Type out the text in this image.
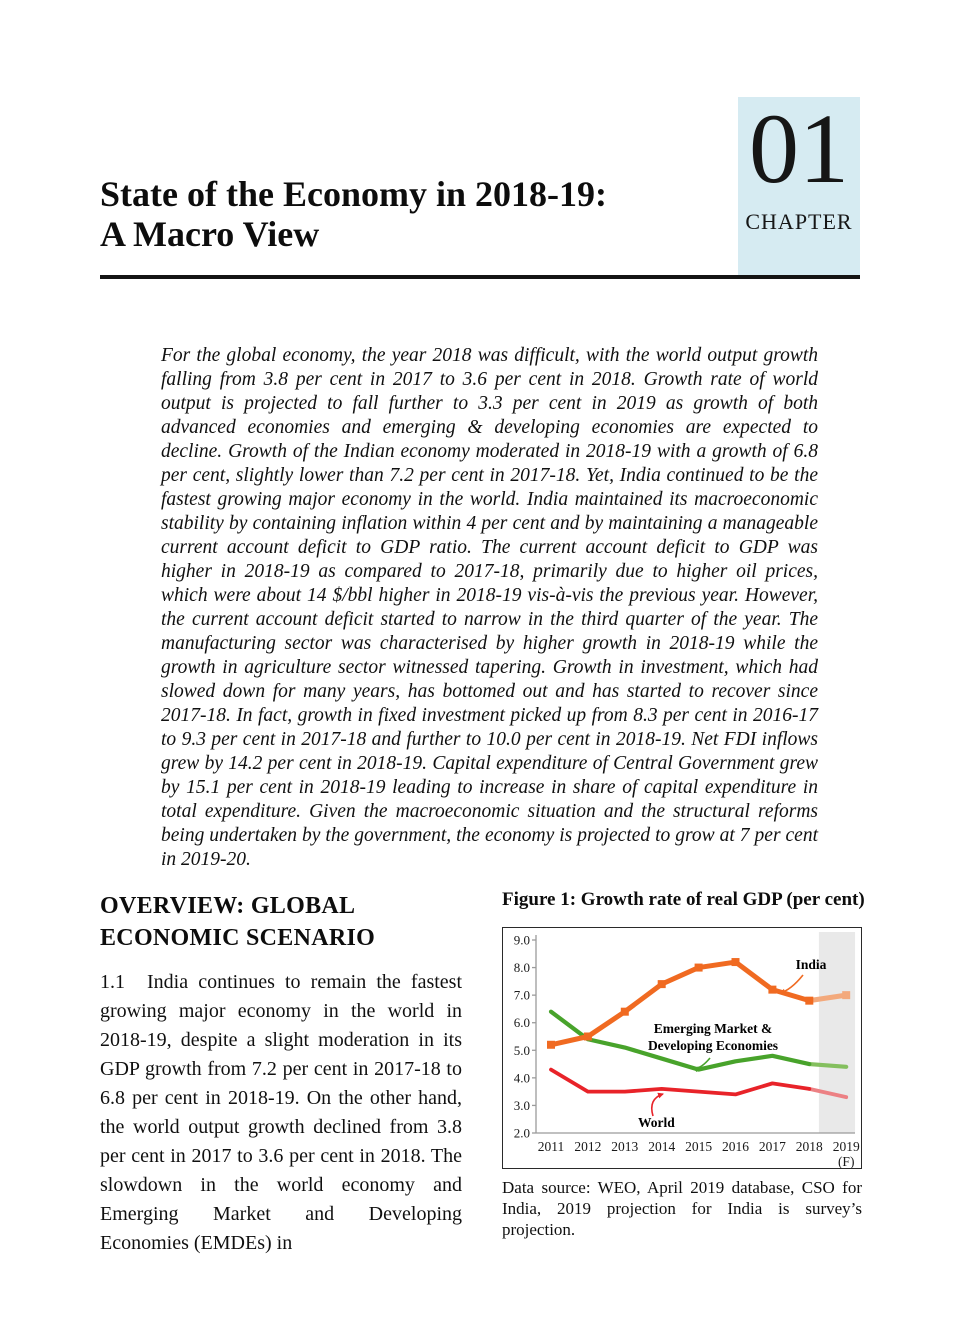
01
CHAPTER
State of the Economy in 2018-19:
A Macro View
For the global economy, the year 2018 was difficult, with the world output growth falling from 3.8 per cent in 2017 to 3.6 per cent in 2018. Growth rate of world output is projected to fall further to 3.3 per cent in 2019 as growth of both advanced economies and emerging & developing economies are expected to decline. Growth of the Indian economy moderated in 2018-19 with a growth of 6.8 per cent, slightly lower than 7.2 per cent in 2017-18. Yet, India continued to be the fastest growing major economy in the world. India maintained its macroeconomic stability by containing inflation within 4 per cent and by maintaining a manageable current account deficit to GDP ratio. The current account deficit to GDP was higher in 2018-19 as compared to 2017-18, primarily due to higher oil prices, which were about 14 $/bbl higher in 2018-19 vis-à-vis the previous year. However, the current account deficit started to narrow in the third quarter of the year. The manufacturing sector was characterised by higher growth in 2018-19 while the growth in agriculture sector witnessed tapering. Growth in investment, which had slowed down for many years, has bottomed out and has started to recover since 2017-18. In fact, growth in fixed investment picked up from 8.3 per cent in 2016-17 to 9.3 per cent in 2017-18 and further to 10.0 per cent in 2018-19. Net FDI inflows grew by 14.2 per cent in 2018-19. Capital expenditure of Central Government grew by 15.1 per cent in 2018-19 leading to increase in share of capital expenditure in total expenditure. Given the macroeconomic situation and the structural reforms being undertaken by the government, the economy is projected to grow at 7 per cent in 2019-20.
OVERVIEW: GLOBAL
ECONOMIC SCENARIO

1.1 India continues to remain the fastest growing major economy in the world in 2018-19, despite a slight moderation in its GDP growth from 7.2 per cent in 2017-18 to 6.8 per cent in 2018-19. On the other hand, the world output growth declined from 3.8 per cent in 2017 to 3.6 per cent in 2018. The slowdown in the world economy and Emerging Market and Developing Economies (EMDEs) in

Figure 1: Growth rate of real GDP (per cent)
9.0
8.0
7.0
6.0
5.0
4.0
3.0
2.0
2011 2012 2013 2014 2015 2016 2017 2018 2019
(F)
India
Emerging Market &
Developing Economies
World

Data source: WEO, April 2019 database, CSO for India, 2019 projection for India is survey’s projection.
